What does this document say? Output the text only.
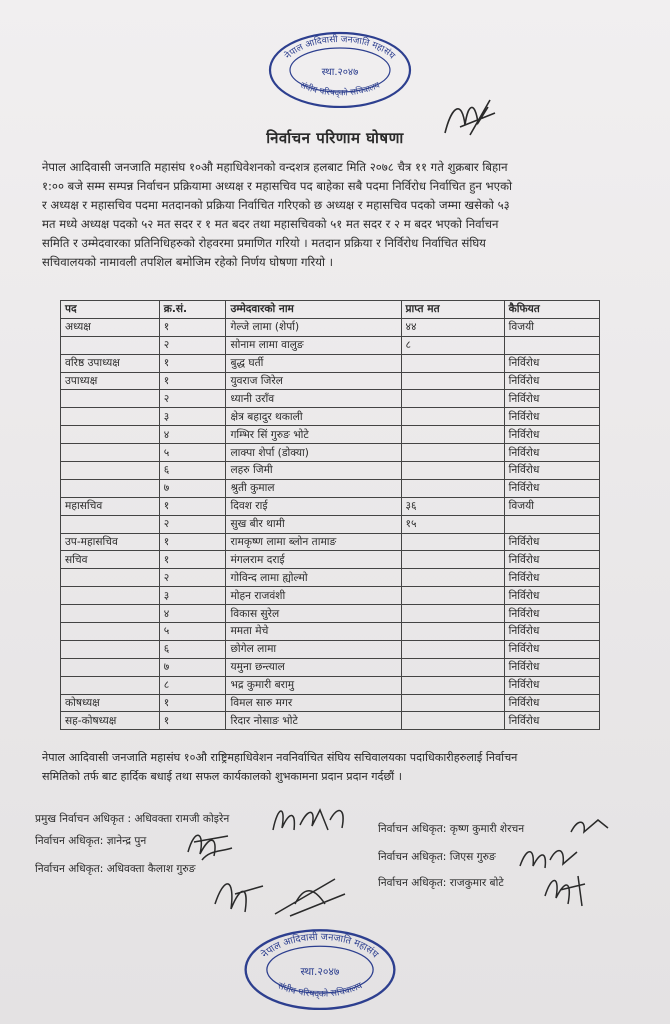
नेपाल आदिवासी जनजाति महासंघ
संघीय परिषद्को सचिवालय
स्था.२०४७
निर्वाचन परिणाम घोषणा
नेपाल आदिवासी जनजाति महासंघ १०औ महाधिवेशनको वन्दशत्र हलबाट मिति २०७८ चैत्र ११ गते शुक्रबार बिहान
१:०० बजे सम्म सम्पन्न निर्वाचन प्रक्रियामा अध्यक्ष र महासचिव पद बाहेका सबै पदमा निर्विरोध निर्वाचित हुन भएको
र अध्यक्ष र महासचिव पदमा मतदानको प्रक्रिया निर्वाचित गरिएको छ अध्यक्ष र महासचिव पदको जम्मा खसेको ५३
मत मध्ये अध्यक्ष पदको ५२ मत सदर र १ मत बदर तथा महासचिवको ५१ मत सदर र २ म बदर भएको निर्वाचन
समिति र उम्मेदवारका प्रतिनिधिहरुको रोहवरमा प्रमाणित गरियो । मतदान प्रक्रिया र निर्विरोध निर्वाचित संघिय
सचिवालयको नामावली तपशिल बमोजिम रहेको निर्णय घोषणा गरियो ।
पद	क्र.सं.	उम्मेदवारको नाम	प्राप्त मत	कैफियत
अध्यक्ष	१	गेल्जे लामा (शेर्पा)	४४	विजयी
	२	सोनाम लामा वालुङ	८	
वरिष्ठ उपाध्यक्ष	१	बुद्ध घर्ती		निर्विरोध
उपाध्यक्ष	१	युवराज जिरेल		निर्विरोध
	२	ध्यानी उराँव		निर्विरोध
	३	क्षेत्र बहादुर थकाली		निर्विरोध
	४	गम्भिर सिं गुरुङ भोटे		निर्विरोध
	५	लाक्पा शेर्पा (डोक्या)		निर्विरोध
	६	लहरु जिमी		निर्विरोध
	७	श्रुती कुमाल		निर्विरोध
महासचिव	१	दिवश राई	३६	विजयी
	२	सुख बीर थामी	१५	
उप-महासचिव	१	रामकृष्ण लामा ब्लोन तामाङ		निर्विरोध
सचिव	१	मंगलराम दराई		निर्विरोध
	२	गोविन्द लामा ह्योल्मो		निर्विरोध
	३	मोहन राजवंशी		निर्विरोध
	४	विकास सुरेल		निर्विरोध
	५	ममता मेचे		निर्विरोध
	६	छोगेल लामा		निर्विरोध
	७	यमुना छन्त्याल		निर्विरोध
	८	भद्र कुमारी बरामु		निर्विरोध
कोषध्यक्ष	१	विमल सारु मगर		निर्विरोध
सह-कोषध्यक्ष	१	रिदार नोसाङ भोटे		निर्विरोध
नेपाल आदिवासी जनजाति महासंघ १०औ राष्ट्रिमहाधिवेशन नवनिर्वाचित संघिय सचिवालयका पदाधिकारीहरुलाई निर्वाचन
समितिको तर्फ बाट हार्दिक बधाई तथा सफल कार्यकालको शुभकामना प्रदान प्रदान गर्दछौं ।
प्रमुख निर्वाचन अधिकृत : अधिवक्ता रामजी कोइरेन
निर्वाचन अधिकृत: ज्ञानेन्द्र पुन
निर्वाचन अधिकृत: अधिवक्ता कैलाश गुरुङ
निर्वाचन अधिकृत: कृष्ण कुमारी शेरचन
निर्वाचन अधिकृत: जिएस गुरुङ
निर्वाचन अधिकृत: राजकुमार बोटे
नेपाल आदिवासी जनजाति महासंघ
संघीय परिषद्को सचिवालय
स्था.२०४७
